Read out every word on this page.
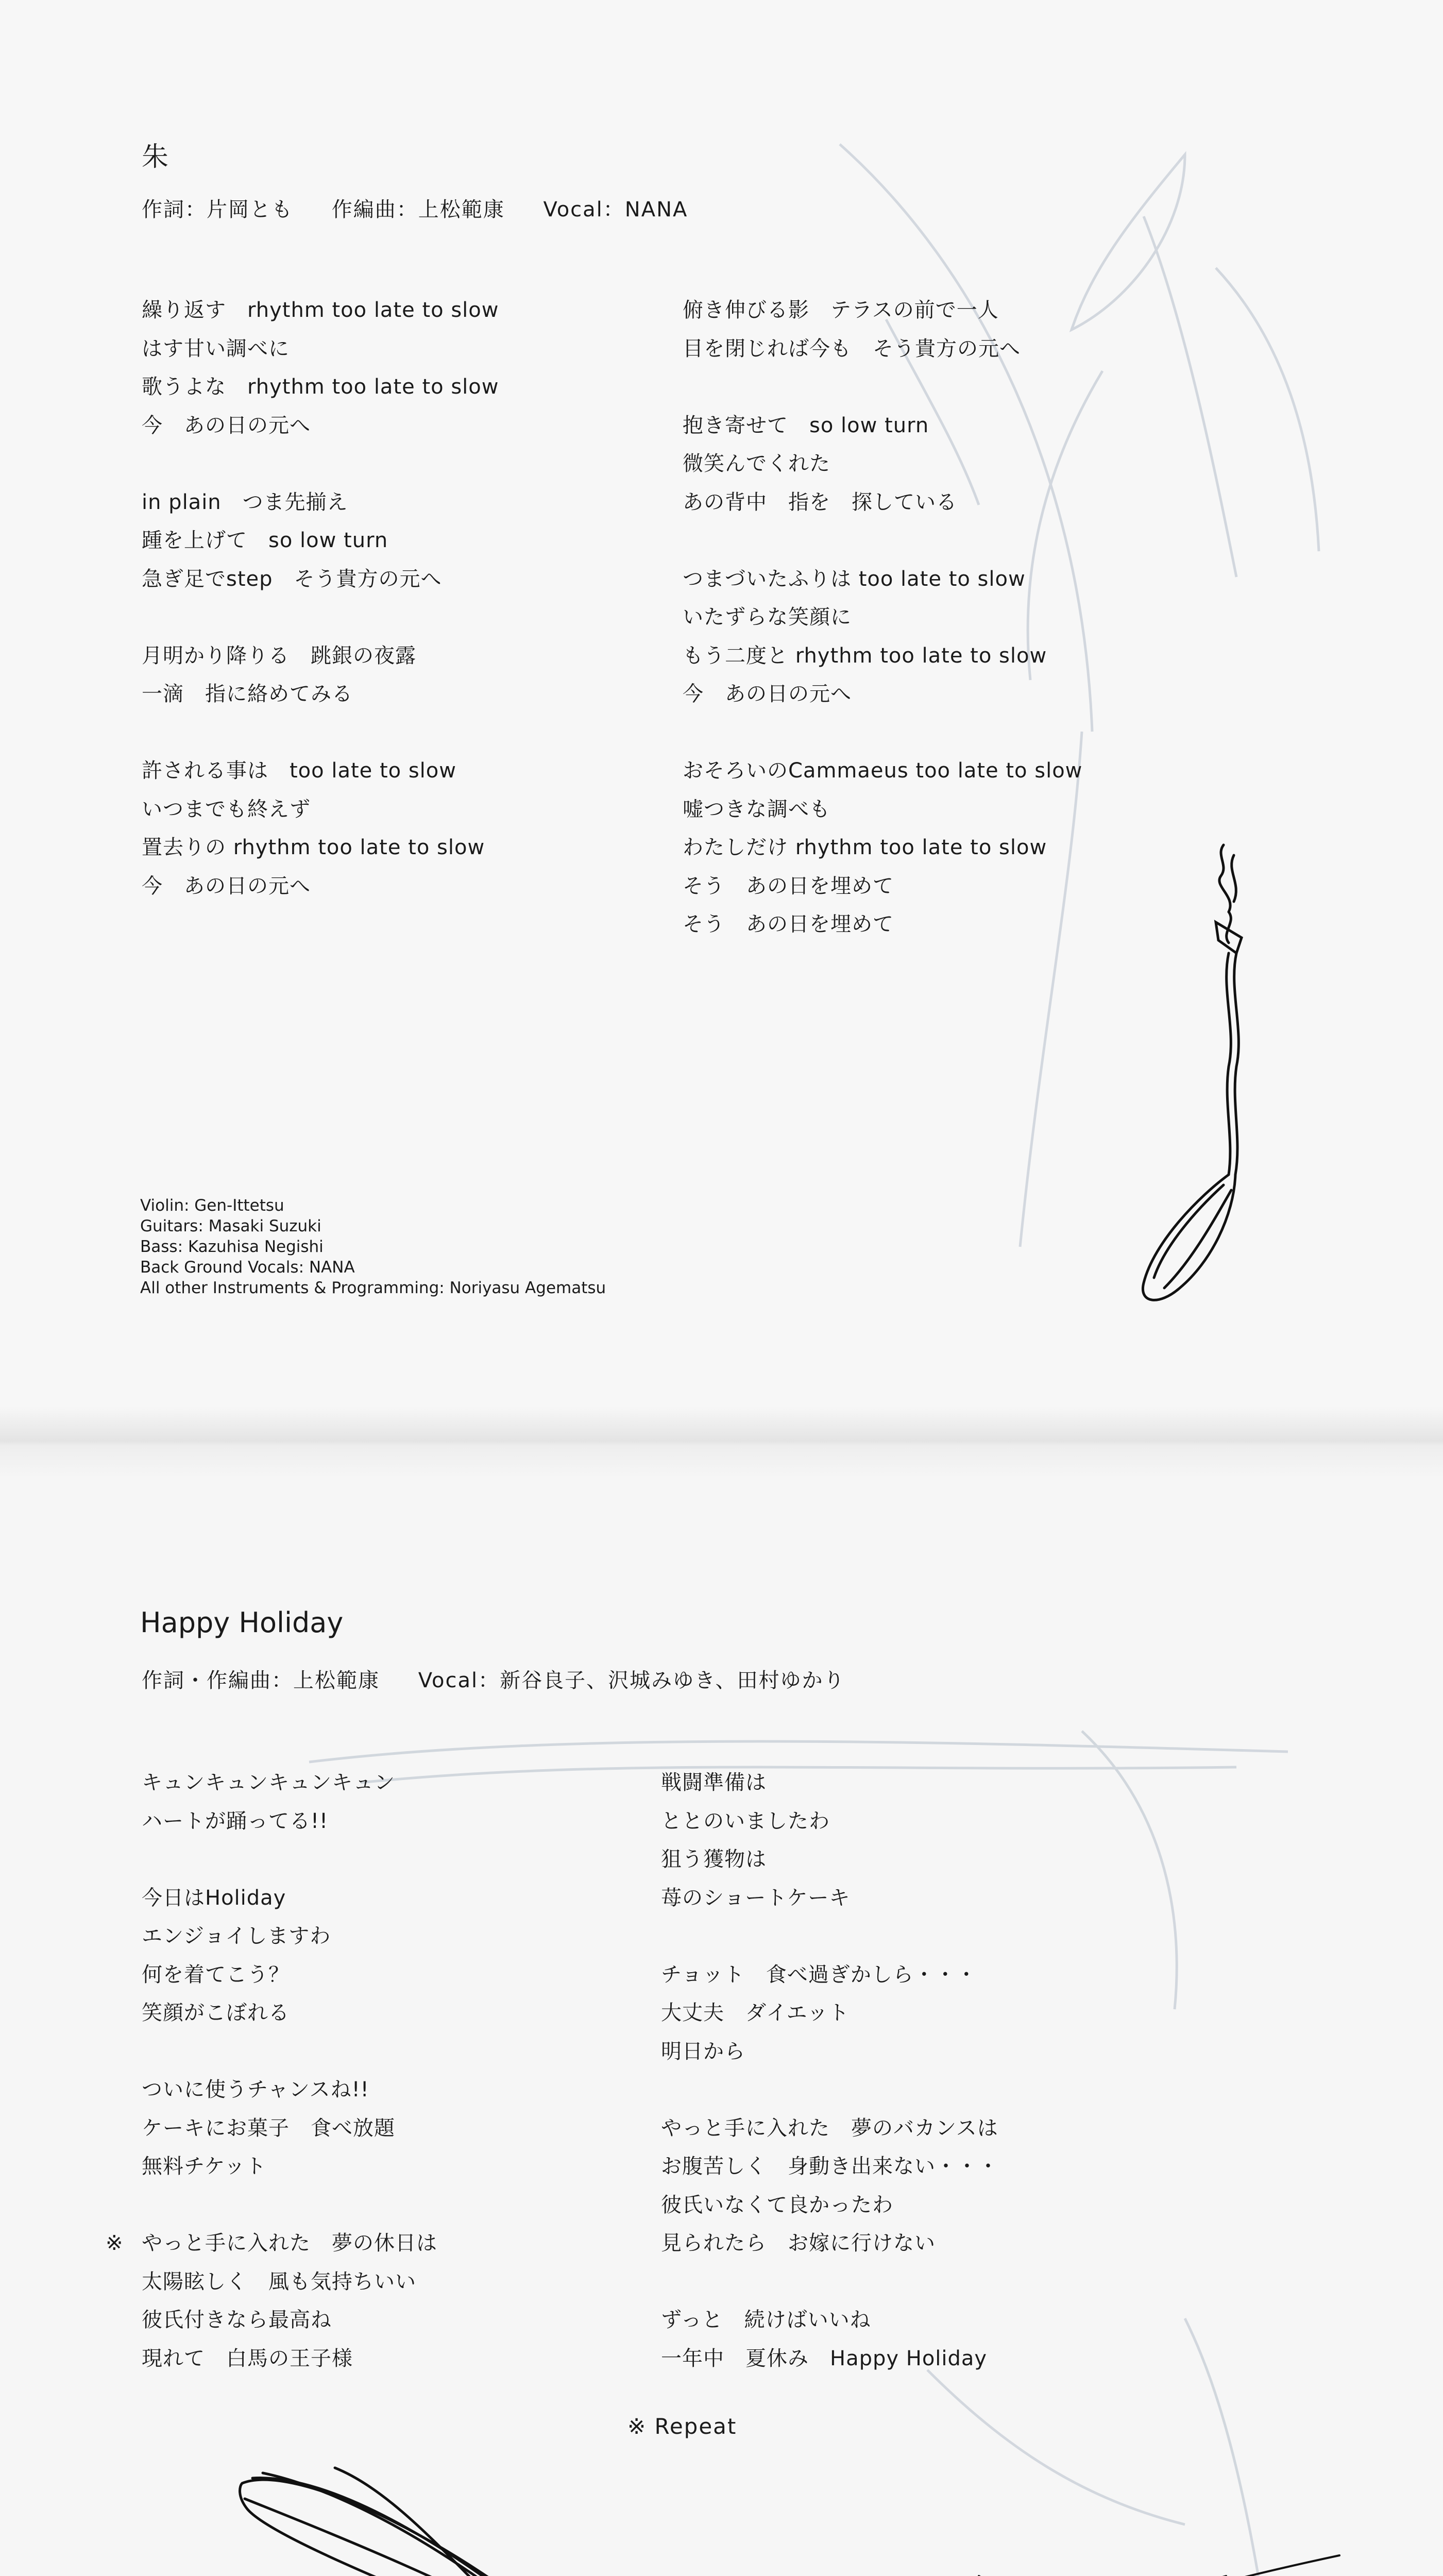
朱
作詞：片岡とも 作編曲：上松範康 Vocal：NANA
繰り返す　rhythm too late to slow
はす甘い調べに
歌うよな　rhythm too late to slow
今　あの日の元へ
in plain　つま先揃え
踵を上げて　so low turn
急ぎ足でstep　そう貴方の元へ
月明かり降りる　跳銀の夜露
一滴　指に絡めてみる
許される事は　too late to slow
いつまでも終えず
置去りの rhythm too late to slow
今　あの日の元へ
俯き伸びる影　テラスの前で一人
目を閉じれば今も　そう貴方の元へ
抱き寄せて　so low turn
微笑んでくれた
あの背中　指を　探している
つまづいたふりは too late to slow
いたずらな笑顔に
もう二度と rhythm too late to slow
今　あの日の元へ
おそろいのCammaeus too late to slow
嘘つきな調べも
わたしだけ rhythm too late to slow
そう　あの日を埋めて
そう　あの日を埋めて
Violin: Gen-Ittetsu
Guitars: Masaki Suzuki
Bass: Kazuhisa Negishi
Back Ground Vocals: NANA
All other Instruments & Programming: Noriyasu Agematsu
Happy Holiday
作詞・作編曲：上松範康 Vocal：新谷良子、沢城みゆき、田村ゆかり
キュンキュンキュンキュン
ハートが踊ってる!!
今日はHoliday
エンジョイしますわ
何を着てこう？
笑顔がこぼれる
ついに使うチャンスね!!
ケーキにお菓子　食べ放題
無料チケット
※ やっと手に入れた　夢の休日は
太陽眩しく　風も気持ちいい
彼氏付きなら最高ね
現れて　白馬の王子様
戦闘準備は
ととのいましたわ
狙う獲物は
苺のショートケーキ
チョット　食べ過ぎかしら・・・
大丈夫　ダイエット
明日から
やっと手に入れた　夢のバカンスは
お腹苦しく　身動き出来ない・・・
彼氏いなくて良かったわ
見られたら　お嫁に行けない
ずっと　続けばいいね
一年中　夏休み　Happy Holiday
※ Repeat
